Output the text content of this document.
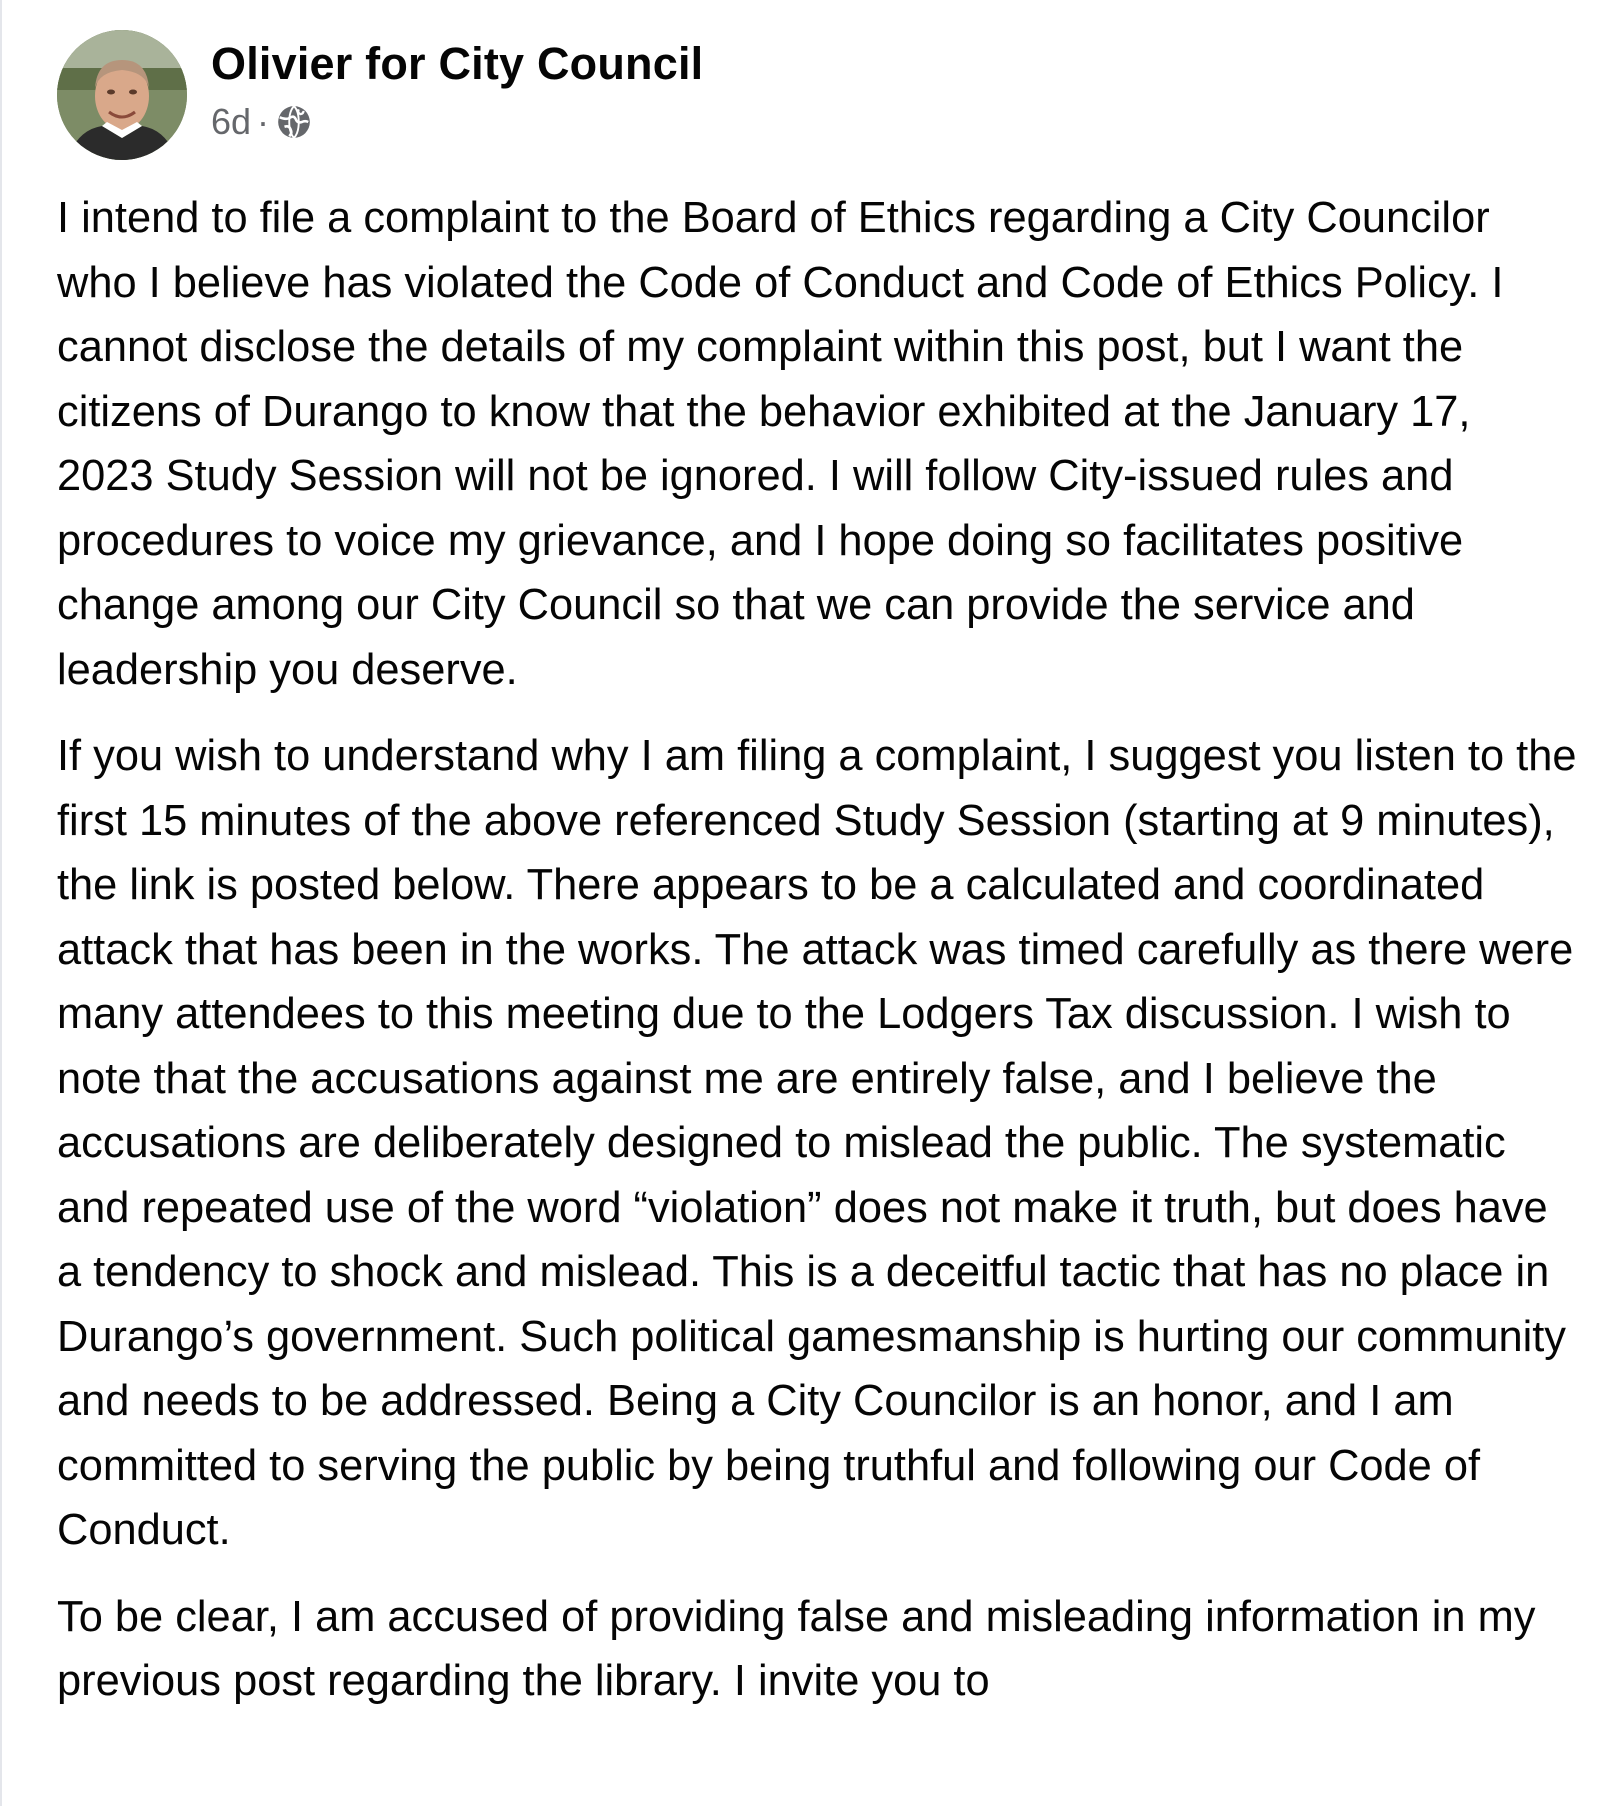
Olivier for City Council
6d ·

I intend to file a complaint to the Board of Ethics regarding a City Councilor who I believe has violated the Code of Conduct and Code of Ethics Policy. I cannot disclose the details of my complaint within this post, but I want the citizens of Durango to know that the behavior exhibited at the January 17, 2023 Study Session will not be ignored. I will follow City-issued rules and procedures to voice my grievance, and I hope doing so facilitates positive change among our City Council so that we can provide the service and leadership you deserve.

If you wish to understand why I am filing a complaint, I suggest you listen to the first 15 minutes of the above referenced Study Session (starting at 9 minutes), the link is posted below. There appears to be a calculated and coordinated attack that has been in the works. The attack was timed carefully as there were many attendees to this meeting due to the Lodgers Tax discussion. I wish to note that the accusations against me are entirely false, and I believe the accusations are deliberately designed to mislead the public. The systematic and repeated use of the word “violation” does not make it truth, but does have a tendency to shock and mislead. This is a deceitful tactic that has no place in Durango’s government. Such political gamesmanship is hurting our community and needs to be addressed. Being a City Councilor is an honor, and I am committed to serving the public by being truthful and following our Code of Conduct.

To be clear, I am accused of providing false and misleading information in my previous post regarding the library. I invite you to
